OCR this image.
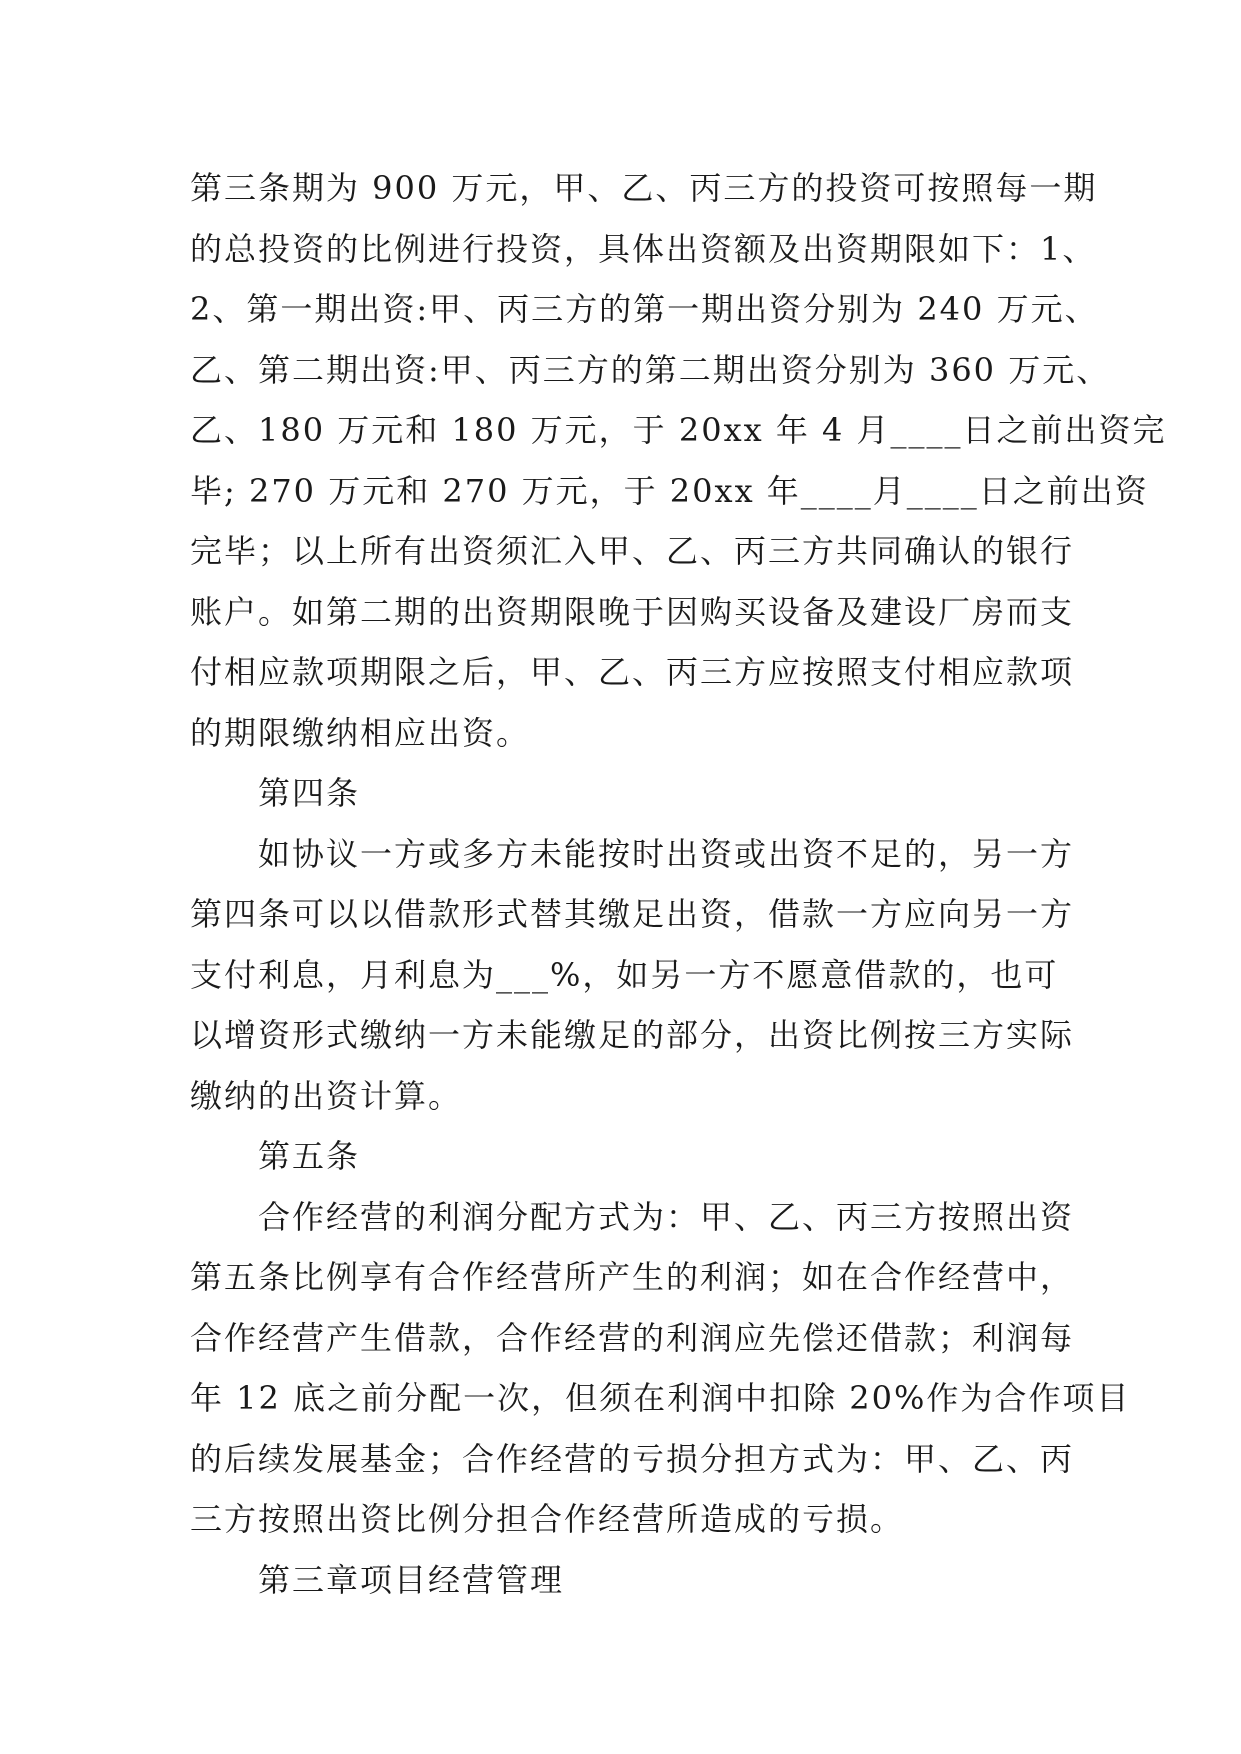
第三条期为 900 万元，甲、乙、丙三方的投资可按照每一期
的总投资的比例进行投资，具体出资额及出资期限如下：1、
2、第一期出资:甲、丙三方的第一期出资分别为 240 万元、
乙、第二期出资:甲、丙三方的第二期出资分别为 360 万元、
乙、180 万元和 180 万元，于 20xx 年 4 月____日之前出资完
毕; 270 万元和 270 万元，于 20xx 年____月____日之前出资
完毕；以上所有出资须汇入甲、乙、丙三方共同确认的银行
账户。如第二期的出资期限晚于因购买设备及建设厂房而支
付相应款项期限之后，甲、乙、丙三方应按照支付相应款项
的期限缴纳相应出资。
第四条
如协议一方或多方未能按时出资或出资不足的，另一方
第四条可以以借款形式替其缴足出资，借款一方应向另一方
支付利息，月利息为___%，如另一方不愿意借款的，也可
以增资形式缴纳一方未能缴足的部分，出资比例按三方实际
缴纳的出资计算。
第五条
合作经营的利润分配方式为：甲、乙、丙三方按照出资
第五条比例享有合作经营所产生的利润；如在合作经营中，
合作经营产生借款，合作经营的利润应先偿还借款；利润每
年 12 底之前分配一次，但须在利润中扣除 20%作为合作项目
的后续发展基金；合作经营的亏损分担方式为：甲、乙、丙
三方按照出资比例分担合作经营所造成的亏损。
第三章项目经营管理
